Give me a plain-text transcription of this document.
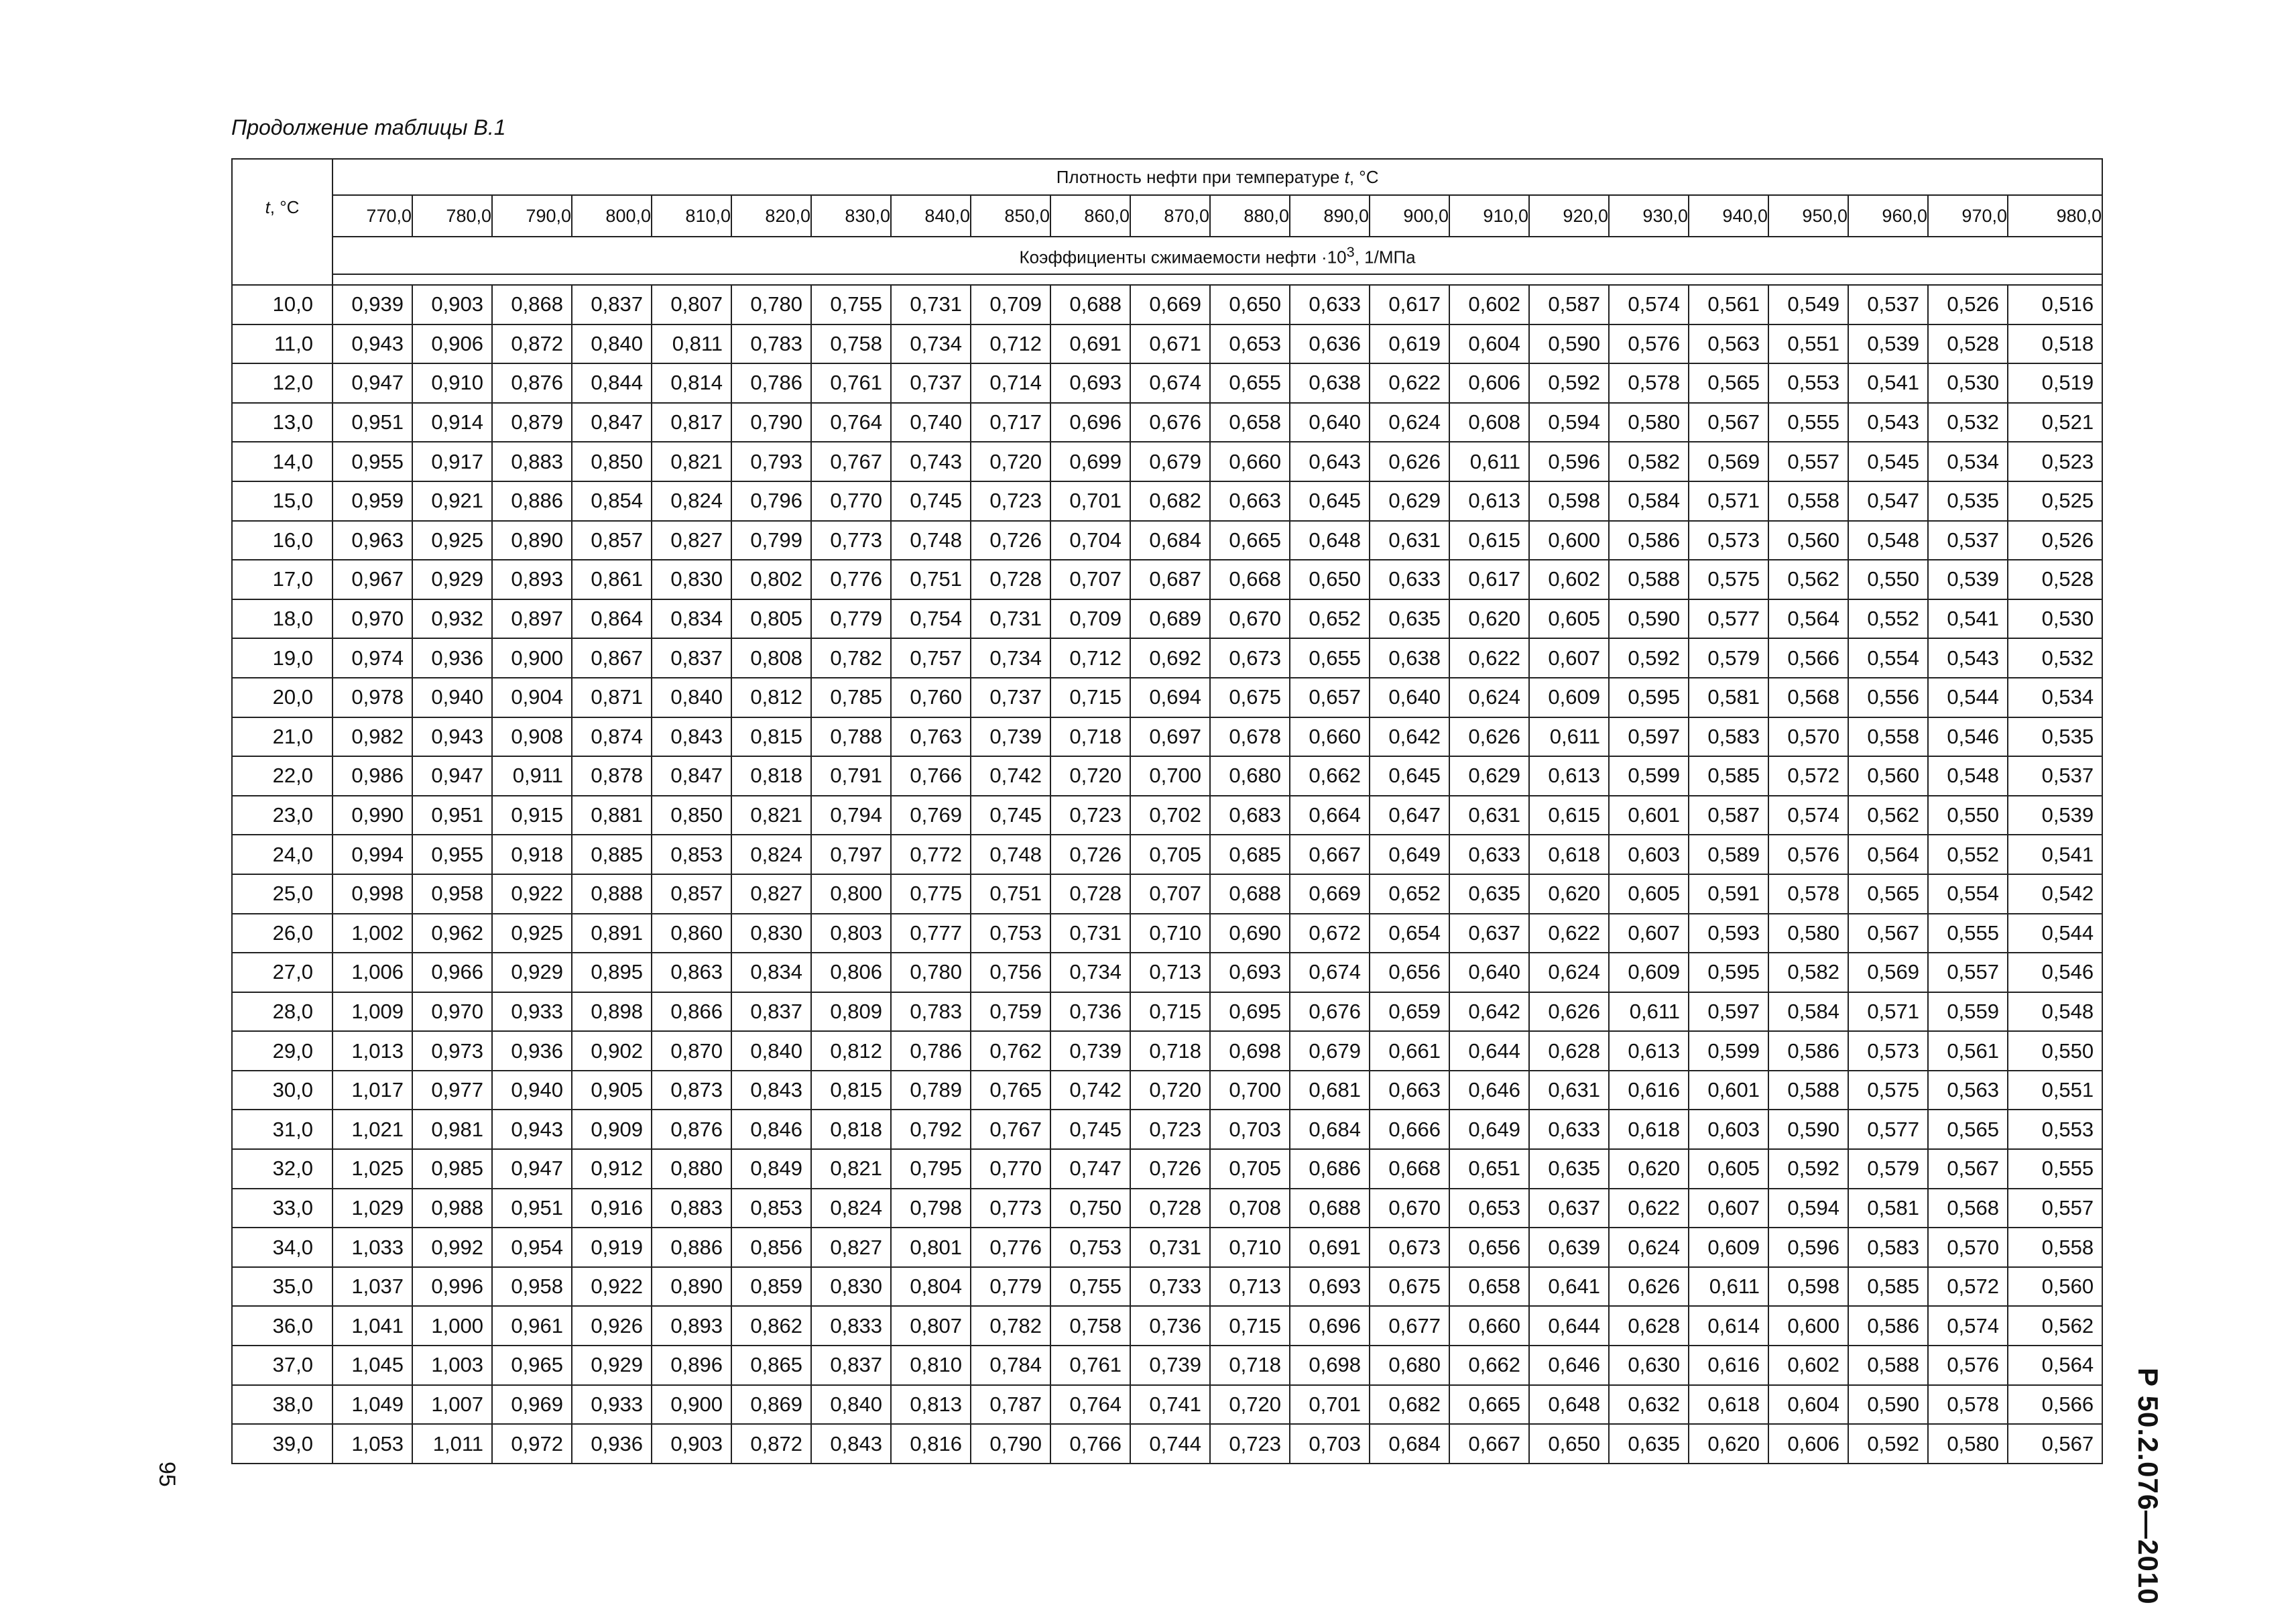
Продолжение таблицы В.1
t, °С	Плотность нефти при температуре t, °С																					
	770,0	780,0	790,0	800,0	810,0	820,0	830,0	840,0	850,0	860,0	870,0	880,0	890,0	900,0	910,0	920,0	930,0	940,0	950,0	960,0	970,0	980,0
	Коэффициенты сжимаемости нефти $\cdot 10^3$, 1/МПа																					

10,0	0,939	0,903	0,868	0,837	0,807	0,780	0,755	0,731	0,709	0,688	0,669	0,650	0,633	0,617	0,602	0,587	0,574	0,561	0,549	0,537	0,526	0,516
11,0	0,943	0,906	0,872	0,840	0,811	0,783	0,758	0,734	0,712	0,691	0,671	0,653	0,636	0,619	0,604	0,590	0,576	0,563	0,551	0,539	0,528	0,518
12,0	0,947	0,910	0,876	0,844	0,814	0,786	0,761	0,737	0,714	0,693	0,674	0,655	0,638	0,622	0,606	0,592	0,578	0,565	0,553	0,541	0,530	0,519
13,0	0,951	0,914	0,879	0,847	0,817	0,790	0,764	0,740	0,717	0,696	0,676	0,658	0,640	0,624	0,608	0,594	0,580	0,567	0,555	0,543	0,532	0,521
14,0	0,955	0,917	0,883	0,850	0,821	0,793	0,767	0,743	0,720	0,699	0,679	0,660	0,643	0,626	0,611	0,596	0,582	0,569	0,557	0,545	0,534	0,523
15,0	0,959	0,921	0,886	0,854	0,824	0,796	0,770	0,745	0,723	0,701	0,682	0,663	0,645	0,629	0,613	0,598	0,584	0,571	0,558	0,547	0,535	0,525
16,0	0,963	0,925	0,890	0,857	0,827	0,799	0,773	0,748	0,726	0,704	0,684	0,665	0,648	0,631	0,615	0,600	0,586	0,573	0,560	0,548	0,537	0,526
17,0	0,967	0,929	0,893	0,861	0,830	0,802	0,776	0,751	0,728	0,707	0,687	0,668	0,650	0,633	0,617	0,602	0,588	0,575	0,562	0,550	0,539	0,528
18,0	0,970	0,932	0,897	0,864	0,834	0,805	0,779	0,754	0,731	0,709	0,689	0,670	0,652	0,635	0,620	0,605	0,590	0,577	0,564	0,552	0,541	0,530
19,0	0,974	0,936	0,900	0,867	0,837	0,808	0,782	0,757	0,734	0,712	0,692	0,673	0,655	0,638	0,622	0,607	0,592	0,579	0,566	0,554	0,543	0,532
20,0	0,978	0,940	0,904	0,871	0,840	0,812	0,785	0,760	0,737	0,715	0,694	0,675	0,657	0,640	0,624	0,609	0,595	0,581	0,568	0,556	0,544	0,534
21,0	0,982	0,943	0,908	0,874	0,843	0,815	0,788	0,763	0,739	0,718	0,697	0,678	0,660	0,642	0,626	0,611	0,597	0,583	0,570	0,558	0,546	0,535
22,0	0,986	0,947	0,911	0,878	0,847	0,818	0,791	0,766	0,742	0,720	0,700	0,680	0,662	0,645	0,629	0,613	0,599	0,585	0,572	0,560	0,548	0,537
23,0	0,990	0,951	0,915	0,881	0,850	0,821	0,794	0,769	0,745	0,723	0,702	0,683	0,664	0,647	0,631	0,615	0,601	0,587	0,574	0,562	0,550	0,539
24,0	0,994	0,955	0,918	0,885	0,853	0,824	0,797	0,772	0,748	0,726	0,705	0,685	0,667	0,649	0,633	0,618	0,603	0,589	0,576	0,564	0,552	0,541
25,0	0,998	0,958	0,922	0,888	0,857	0,827	0,800	0,775	0,751	0,728	0,707	0,688	0,669	0,652	0,635	0,620	0,605	0,591	0,578	0,565	0,554	0,542
26,0	1,002	0,962	0,925	0,891	0,860	0,830	0,803	0,777	0,753	0,731	0,710	0,690	0,672	0,654	0,637	0,622	0,607	0,593	0,580	0,567	0,555	0,544
27,0	1,006	0,966	0,929	0,895	0,863	0,834	0,806	0,780	0,756	0,734	0,713	0,693	0,674	0,656	0,640	0,624	0,609	0,595	0,582	0,569	0,557	0,546
28,0	1,009	0,970	0,933	0,898	0,866	0,837	0,809	0,783	0,759	0,736	0,715	0,695	0,676	0,659	0,642	0,626	0,611	0,597	0,584	0,571	0,559	0,548
29,0	1,013	0,973	0,936	0,902	0,870	0,840	0,812	0,786	0,762	0,739	0,718	0,698	0,679	0,661	0,644	0,628	0,613	0,599	0,586	0,573	0,561	0,550
30,0	1,017	0,977	0,940	0,905	0,873	0,843	0,815	0,789	0,765	0,742	0,720	0,700	0,681	0,663	0,646	0,631	0,616	0,601	0,588	0,575	0,563	0,551
31,0	1,021	0,981	0,943	0,909	0,876	0,846	0,818	0,792	0,767	0,745	0,723	0,703	0,684	0,666	0,649	0,633	0,618	0,603	0,590	0,577	0,565	0,553
32,0	1,025	0,985	0,947	0,912	0,880	0,849	0,821	0,795	0,770	0,747	0,726	0,705	0,686	0,668	0,651	0,635	0,620	0,605	0,592	0,579	0,567	0,555
33,0	1,029	0,988	0,951	0,916	0,883	0,853	0,824	0,798	0,773	0,750	0,728	0,708	0,688	0,670	0,653	0,637	0,622	0,607	0,594	0,581	0,568	0,557
34,0	1,033	0,992	0,954	0,919	0,886	0,856	0,827	0,801	0,776	0,753	0,731	0,710	0,691	0,673	0,656	0,639	0,624	0,609	0,596	0,583	0,570	0,558
35,0	1,037	0,996	0,958	0,922	0,890	0,859	0,830	0,804	0,779	0,755	0,733	0,713	0,693	0,675	0,658	0,641	0,626	0,611	0,598	0,585	0,572	0,560
36,0	1,041	1,000	0,961	0,926	0,893	0,862	0,833	0,807	0,782	0,758	0,736	0,715	0,696	0,677	0,660	0,644	0,628	0,614	0,600	0,586	0,574	0,562
37,0	1,045	1,003	0,965	0,929	0,896	0,865	0,837	0,810	0,784	0,761	0,739	0,718	0,698	0,680	0,662	0,646	0,630	0,616	0,602	0,588	0,576	0,564
38,0	1,049	1,007	0,969	0,933	0,900	0,869	0,840	0,813	0,787	0,764	0,741	0,720	0,701	0,682	0,665	0,648	0,632	0,618	0,604	0,590	0,578	0,566
39,0	1,053	1,011	0,972	0,936	0,903	0,872	0,843	0,816	0,790	0,766	0,744	0,723	0,703	0,684	0,667	0,650	0,635	0,620	0,606	0,592	0,580	0,567 Р 50.2.076—2010
95
